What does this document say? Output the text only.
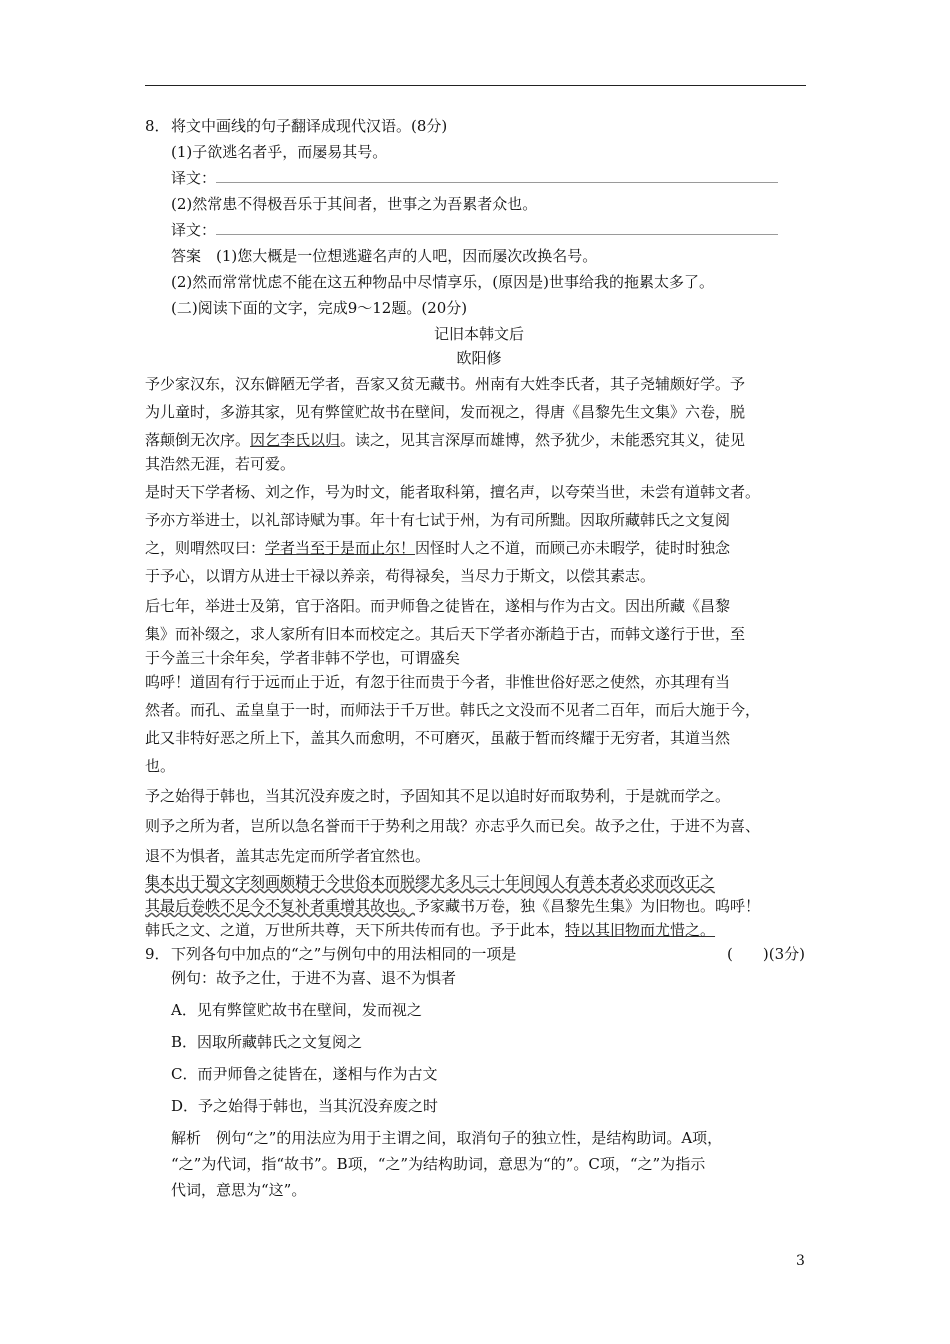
8．将文中画线的句子翻译成现代汉语。(8分)
(1)子欲逃名者乎，而屡易其号。
译文：
(2)然常患不得极吾乐于其间者，世事之为吾累者众也。
译文：
答案　(1)您大概是一位想逃避名声的人吧，因而屡次改换名号。
(2)然而常常忧虑不能在这五种物品中尽情享乐，(原因是)世事给我的拖累太多了。
(二)阅读下面的文字，完成9～12题。(20分)
记旧本韩文后
欧阳修
予少家汉东，汉东僻陋无学者，吾家又贫无藏书。州南有大姓李氏者，其子尧辅颇好学。予
为儿童时，多游其家，见有弊筐贮故书在壁间，发而视之，得唐《昌黎先生文集》六卷，脱
落颠倒无次序。因乞李氏以归。读之，见其言深厚而雄博，然予犹少，未能悉究其义，徒见
其浩然无涯，若可爱。
是时天下学者杨、刘之作，号为时文，能者取科第，擅名声，以夸荣当世，未尝有道韩文者。
予亦方举进士，以礼部诗赋为事。年十有七试于州，为有司所黜。因取所藏韩氏之文复阅
之，则喟然叹曰：学者当至于是而止尔！因怪时人之不道，而顾己亦未暇学，徒时时独念
于予心，以谓方从进士干禄以养亲，苟得禄矣，当尽力于斯文，以偿其素志。
后七年，举进士及第，官于洛阳。而尹师鲁之徒皆在，遂相与作为古文。因出所藏《昌黎
集》而补缀之，求人家所有旧本而校定之。其后天下学者亦渐趋于古，而韩文遂行于世，至
于今盖三十余年矣，学者非韩不学也，可谓盛矣
呜呼！道固有行于远而止于近，有忽于往而贵于今者，非惟世俗好恶之使然，亦其理有当
然者。而孔、孟皇皇于一时，而师法于千万世。韩氏之文没而不见者二百年，而后大施于今，
此又非特好恶之所上下，盖其久而愈明，不可磨灭，虽蔽于暂而终耀于无穷者，其道当然
也。
予之始得于韩也，当其沉没弃废之时，予固知其不足以追时好而取势利，于是就而学之。
则予之所为者，岂所以急名誉而干于势利之用哉？亦志乎久而已矣。故予之仕，于进不为喜、
退不为惧者，盖其志先定而所学者宜然也。
集本出于蜀文字刻画颇精于今世俗本而脱缪尤多凡三十年间闻人有善本者必求而改正之
其最后卷帙不足今不复补者重增其故也。予家藏书万卷，独《昌黎先生集》为旧物也。呜呼！
韩氏之文、之道，万世所共尊，天下所共传而有也。予于此本，特以其旧物而尤惜之。
9．下列各句中加点的“之”与例句中的用法相同的一项是	(　　)(3分)
例句：故予之仕，于进不为喜、退不为惧者
A．见有弊筐贮故书在壁间，发而视之
B．因取所藏韩氏之文复阅之
C．而尹师鲁之徒皆在，遂相与作为古文
D．予之始得于韩也，当其沉没弃废之时
解析　例句“之”的用法应为用于主谓之间，取消句子的独立性，是结构助词。A项，
“之”为代词，指“故书”。B项，“之”为结构助词，意思为“的”。C项，“之”为指示
代词，意思为“这”。
3
